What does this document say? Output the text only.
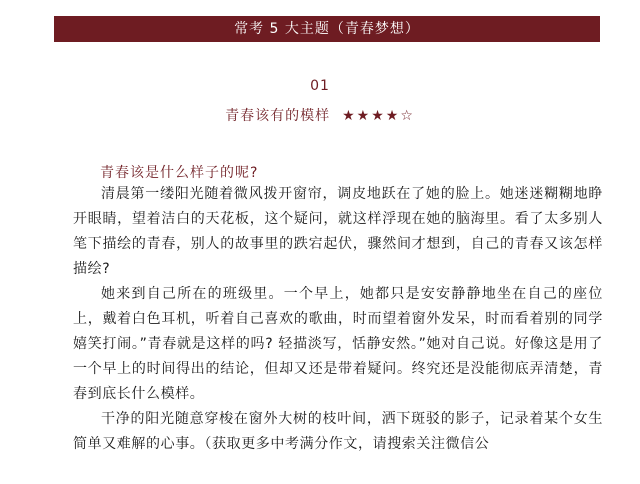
常考 5 大主题（青春梦想）
01
青春该有的模样 ★★★★☆
青春该是什么样子的呢?

清晨第一缕阳光随着微风拨开窗帘，调皮地跃在了她的脸上。她迷迷糊糊地睁开眼睛，望着洁白的天花板，这个疑问，就这样浮现在她的脑海里。看了太多别人笔下描绘的青春，别人的故事里的跌宕起伏，骤然间才想到，自己的青春又该怎样描绘?

她来到自己所在的班级里。一个早上，她都只是安安静静地坐在自己的座位上，戴着白色耳机，听着自己喜欢的歌曲，时而望着窗外发呆，时而看着别的同学嬉笑打闹。”青春就是这样的吗? 轻描淡写，恬静安然。”她对自己说。好像这是用了一个早上的时间得出的结论，但却又还是带着疑问。终究还是没能彻底弄清楚，青春到底长什么模样。

干净的阳光随意穿梭在窗外大树的枝叶间，洒下斑驳的影子，记录着某个女生简单又难解的心事。（获取更多中考满分作文，请搜索关注微信公
